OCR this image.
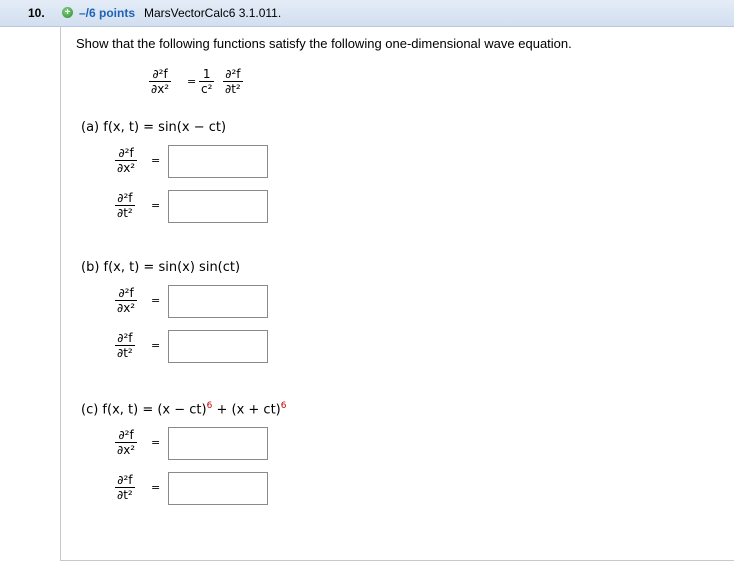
10. + –/6 points MarsVectorCalc6 3.1.011.
Show that the following functions satisfy the following one-dimensional wave equation.
$\frac{\text{∂²f}}{\text{∂x²}} = \frac{1}{\text{c²}} \frac{\text{∂²f}}{\text{∂t²}}$
(a) f(x, t) = sin(x − ct)
$\frac{\text{∂²f}}{\text{∂x²}}$ =
$\frac{\text{∂²f}}{\text{∂t²}}$ =
(b) f(x, t) = sin(x) sin(ct)
$\frac{\text{∂²f}}{\text{∂x²}}$ =
$\frac{\text{∂²f}}{\text{∂t²}}$ =
(c) f(x, t) = (x − ct)$^6$ + (x + ct)$^6$
$\frac{\text{∂²f}}{\text{∂x²}}$ =
$\frac{\text{∂²f}}{\text{∂t²}}$ =
